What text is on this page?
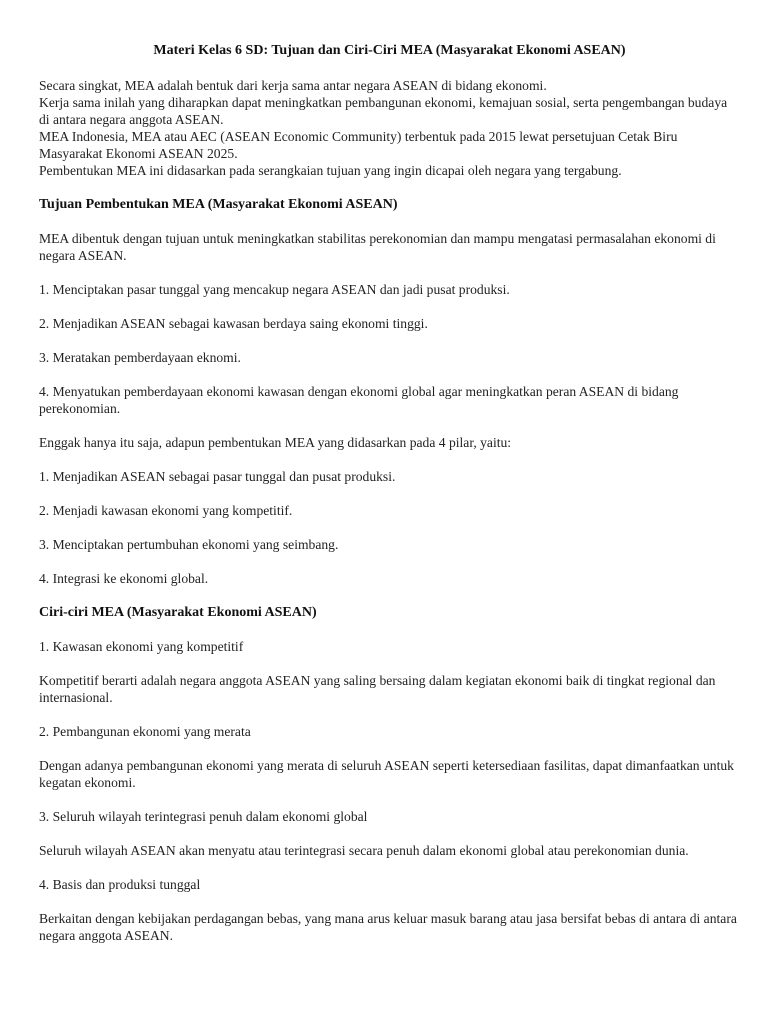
Materi Kelas 6 SD: Tujuan dan Ciri-Ciri MEA (Masyarakat Ekonomi ASEAN)

Secara singkat, MEA adalah bentuk dari kerja sama antar negara ASEAN di bidang ekonomi.
Kerja sama inilah yang diharapkan dapat meningkatkan pembangunan ekonomi, kemajuan sosial, serta pengembangan budaya di antara negara anggota ASEAN.
MEA Indonesia, MEA atau AEC (ASEAN Economic Community) terbentuk pada 2015 lewat persetujuan Cetak Biru Masyarakat Ekonomi ASEAN 2025.
Pembentukan MEA ini didasarkan pada serangkaian tujuan yang ingin dicapai oleh negara yang tergabung.

Tujuan Pembentukan MEA (Masyarakat Ekonomi ASEAN)

MEA dibentuk dengan tujuan untuk meningkatkan stabilitas perekonomian dan mampu mengatasi permasalahan ekonomi di negara ASEAN.

1. Menciptakan pasar tunggal yang mencakup negara ASEAN dan jadi pusat produksi.

2. Menjadikan ASEAN sebagai kawasan berdaya saing ekonomi tinggi.

3. Meratakan pemberdayaan eknomi.

4. Menyatukan pemberdayaan ekonomi kawasan dengan ekonomi global agar meningkatkan peran ASEAN di bidang perekonomian.

Enggak hanya itu saja, adapun pembentukan MEA yang didasarkan pada 4 pilar, yaitu:

1. Menjadikan ASEAN sebagai pasar tunggal dan pusat produksi.

2. Menjadi kawasan ekonomi yang kompetitif.

3. Menciptakan pertumbuhan ekonomi yang seimbang.

4. Integrasi ke ekonomi global.

Ciri-ciri MEA (Masyarakat Ekonomi ASEAN)

1. Kawasan ekonomi yang kompetitif

Kompetitif berarti adalah negara anggota ASEAN yang saling bersaing dalam kegiatan ekonomi baik di tingkat regional dan internasional.

2. Pembangunan ekonomi yang merata

Dengan adanya pembangunan ekonomi yang merata di seluruh ASEAN seperti ketersediaan fasilitas, dapat dimanfaatkan untuk kegatan ekonomi.

3. Seluruh wilayah terintegrasi penuh dalam ekonomi global

Seluruh wilayah ASEAN akan menyatu atau terintegrasi secara penuh dalam ekonomi global atau perekonomian dunia.

4. Basis dan produksi tunggal

Berkaitan dengan kebijakan perdagangan bebas, yang mana arus keluar masuk barang atau jasa bersifat bebas di antara di antara negara anggota ASEAN.
